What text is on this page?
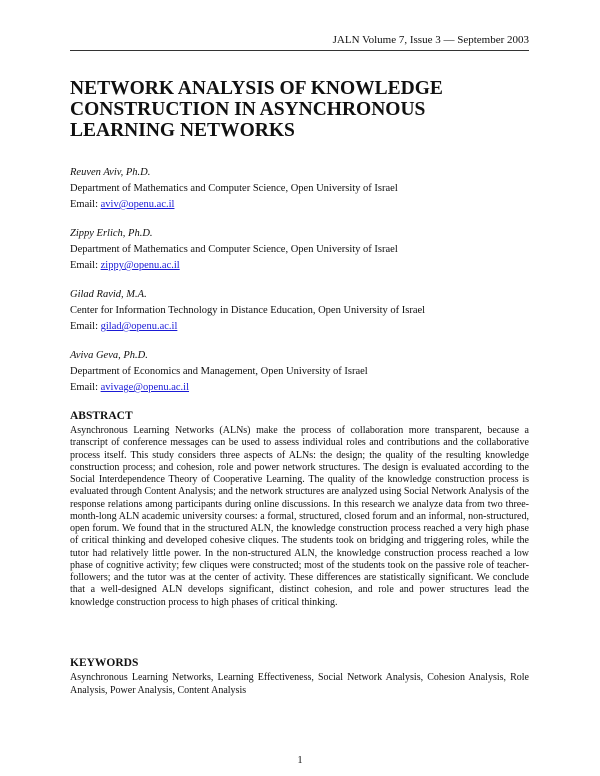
JALN Volume 7, Issue 3 — September 2003
NETWORK ANALYSIS OF KNOWLEDGE CONSTRUCTION IN ASYNCHRONOUS LEARNING NETWORKS
Reuven Aviv, Ph.D.
Department of Mathematics and Computer Science, Open University of Israel
Email: aviv@openu.ac.il
Zippy Erlich, Ph.D.
Department of Mathematics and Computer Science, Open University of Israel
Email: zippy@openu.ac.il
Gilad Ravid, M.A.
Center for Information Technology in Distance Education, Open University of Israel
Email: gilad@openu.ac.il
Aviva Geva, Ph.D.
Department of Economics and Management, Open University of Israel
Email: avivage@openu.ac.il
ABSTRACT

Asynchronous Learning Networks (ALNs) make the process of collaboration more transparent, because a transcript of conference messages can be used to assess individual roles and contributions and the collaborative process itself. This study considers three aspects of ALNs: the design; the quality of the resulting knowledge construction process; and cohesion, role and power network structures. The design is evaluated according to the Social Interdependence Theory of Cooperative Learning. The quality of the knowledge construction process is evaluated through Content Analysis; and the network structures are analyzed using Social Network Analysis of the response relations among participants during online discussions. In this research we analyze data from two three-month-long ALN academic university courses: a formal, structured, closed forum and an informal, non-structured, open forum. We found that in the structured ALN, the knowledge construction process reached a very high phase of critical thinking and developed cohesive cliques. The students took on bridging and triggering roles, while the tutor had relatively little power. In the non-structured ALN, the knowledge construction process reached a low phase of cognitive activity; few cliques were constructed; most of the students took on the passive role of teacher-followers; and the tutor was at the center of activity. These differences are statistically significant. We conclude that a well-designed ALN develops significant, distinct cohesion, and role and power structures lead the knowledge construction process to high phases of critical thinking.

KEYWORDS

Asynchronous Learning Networks, Learning Effectiveness, Social Network Analysis, Cohesion Analysis, Role Analysis, Power Analysis, Content Analysis

1
